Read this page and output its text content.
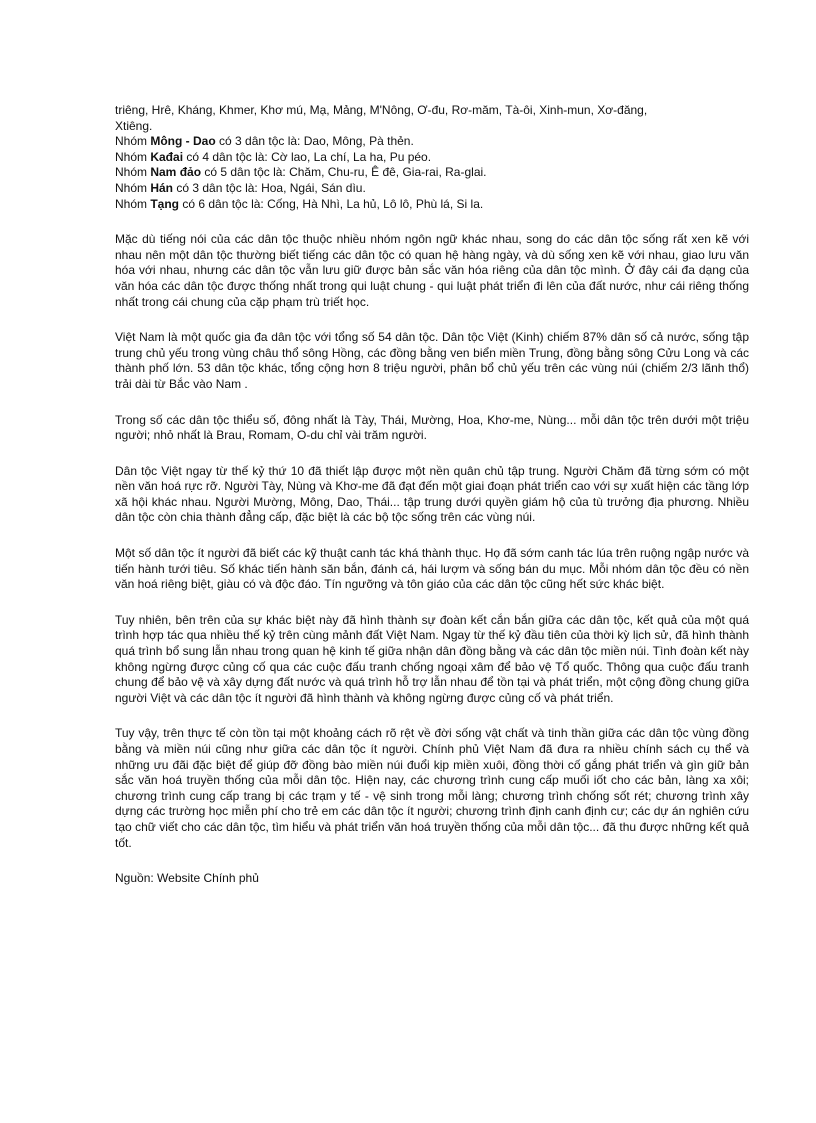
triêng, Hrê, Kháng, Khmer, Khơ mú, Mạ, Mảng, M'Nông, Ơ-đu, Rơ-măm, Tà-ôi, Xinh-mun, Xơ-đăng,
Xtiêng.
Nhóm Mông - Dao có 3 dân tộc là: Dao, Mông, Pà thẻn.
Nhóm Kađai có 4 dân tộc là: Cờ lao, La chí, La ha, Pu péo.
Nhóm Nam đảo có 5 dân tộc là: Chăm, Chu-ru, Ê đê, Gia-rai, Ra-glai.
Nhóm Hán có 3 dân tộc là: Hoa, Ngái, Sán dìu.
Nhóm Tạng có 6 dân tộc là: Cống, Hà Nhì, La hủ, Lô lô, Phù lá, Si la.

Mặc dù tiếng nói của các dân tộc thuộc nhiều nhóm ngôn ngữ khác nhau, song do các dân tộc sống rất xen kẽ với nhau nên một dân tộc thường biết tiếng các dân tộc có quan hệ hàng ngày, và dù sống xen kẽ với nhau, giao lưu văn hóa với nhau, nhưng các dân tộc vẫn lưu giữ được bản sắc văn hóa riêng của dân tộc mình. Ở đây cái đa dạng của văn hóa các dân tộc được thống nhất trong qui luật chung - qui luật phát triển đi lên của đất nước, như cái riêng thống nhất trong cái chung của cặp phạm trù triết học.

Việt Nam là một quốc gia đa dân tộc với tổng số 54 dân tộc. Dân tộc Việt (Kinh) chiếm 87% dân số cả nước, sống tập trung chủ yếu trong vùng châu thổ sông Hồng, các đồng bằng ven biển miền Trung, đồng bằng sông Cửu Long và các thành phố lớn. 53 dân tộc khác, tổng cộng hơn 8 triệu người, phân bổ chủ yếu trên các vùng núi (chiếm 2/3 lãnh thổ) trải dài từ Bắc vào Nam .

Trong số các dân tộc thiểu số, đông nhất là Tày, Thái, Mường, Hoa, Khơ-me, Nùng... mỗi dân tộc trên dưới một triệu người; nhỏ nhất là Brau, Romam, O-du chỉ vài trăm người.

Dân tộc Việt ngay từ thế kỷ thứ 10 đã thiết lập được một nền quân chủ tập trung. Người Chăm đã từng sớm có một nền văn hoá rực rỡ. Người Tày, Nùng và Khơ-me đã đạt đến một giai đoạn phát triển cao với sự xuất hiện các tầng lớp xã hội khác nhau. Người Mường, Mông, Dao, Thái... tập trung dưới quyền giám hộ của tù trưởng địa phương. Nhiều dân tộc còn chia thành đẳng cấp, đặc biệt là các bộ tộc sống trên các vùng núi.

Một số dân tộc ít người đã biết các kỹ thuật canh tác khá thành thục. Họ đã sớm canh tác lúa trên ruộng ngập nước và tiến hành tưới tiêu. Số khác tiến hành săn bắn, đánh cá, hái lượm và sống bán du mục. Mỗi nhóm dân tộc đều có nền văn hoá riêng biệt, giàu có và độc đáo. Tín ngưỡng và tôn giáo của các dân tộc cũng hết sức khác biệt.

Tuy nhiên, bên trên của sự khác biệt này đã hình thành sự đoàn kết cắn bắn giữa các dân tộc, kết quả của một quá trình hợp tác qua nhiều thế kỷ trên cùng mảnh đất Việt Nam. Ngay từ thế kỷ đầu tiên của thời kỳ lịch sử, đã hình thành quá trình bổ sung lẫn nhau trong quan hệ kinh tế giữa nhận dân đồng bằng và các dân tộc miền núi. Tình đoàn kết này không ngừng được củng cố qua các cuộc đấu tranh chống ngoại xâm để bảo vệ Tổ quốc. Thông qua cuộc đấu tranh chung để bảo vệ và xây dựng đất nước và quá trình hỗ trợ lẫn nhau để tồn tại và phát triển, một cộng đồng chung giữa người Việt và các dân tộc ít người đã hình thành và không ngừng được củng cố và phát triển.

Tuy vậy, trên thực tế còn tồn tại một khoảng cách rõ rệt về đời sống vật chất và tinh thần giữa các dân tộc vùng đồng bằng và miền núi cũng như giữa các dân tộc ít người. Chính phủ Việt Nam đã đưa ra nhiều chính sách cụ thể và những ưu đãi đặc biệt để giúp đỡ đồng bào miền núi đuổi kịp miền xuôi, đồng thời cố gắng phát triển và gìn giữ bản sắc văn hoá truyền thống của mỗi dân tộc. Hiện nay, các chương trình cung cấp muối iốt cho các bản, làng xa xôi; chương trình cung cấp trang bị các trạm y tế - vệ sinh trong mỗi làng; chương trình chống sốt rét; chương trình xây dựng các trường học miễn phí cho trẻ em các dân tộc ít người; chương trình định canh định cư; các dự án nghiên cứu tạo chữ viết cho các dân tộc, tìm hiểu và phát triển văn hoá truyền thống của mỗi dân tộc... đã thu được những kết quả tốt.

Nguồn: Website Chính phủ
